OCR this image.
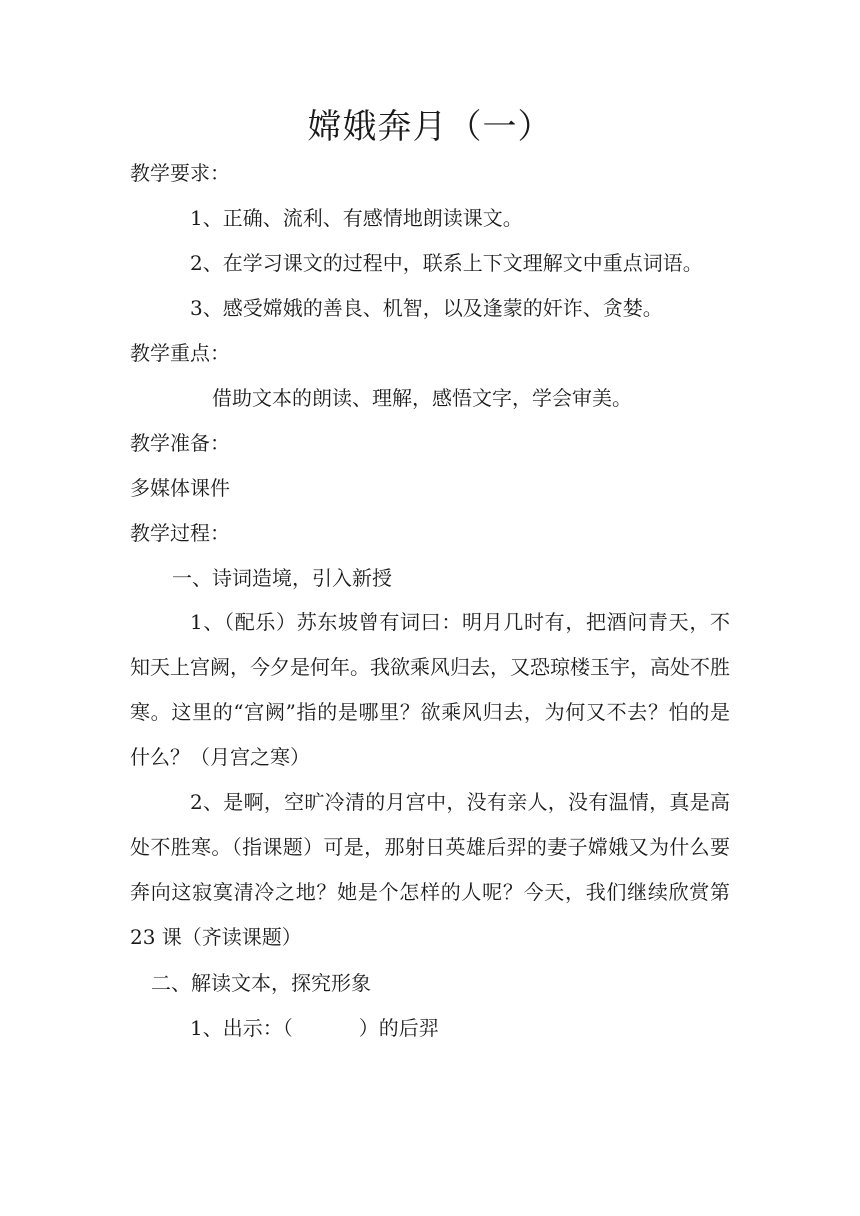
嫦娥奔月（一）
教学要求：
1、正确、流利、有感情地朗读课文。
2、在学习课文的过程中，联系上下文理解文中重点词语。
3、感受嫦娥的善良、机智，以及逢蒙的奸诈、贪婪。
教学重点：
借助文本的朗读、理解，感悟文字，学会审美。
教学准备：
多媒体课件
教学过程：
一、诗词造境，引入新授
1、（配乐）苏东坡曾有词曰：明月几时有，把酒问青天，不知天上宫阙，今夕是何年。我欲乘风归去，又恐琼楼玉宇，高处不胜寒。这里的“宫阙”指的是哪里？欲乘风归去，为何又不去？怕的是什么？（月宫之寒）
2、是啊，空旷冷清的月宫中，没有亲人，没有温情，真是高处不胜寒。（指课题）可是，那射日英雄后羿的妻子嫦娥又为什么要奔向这寂寞清冷之地？她是个怎样的人呢？今天，我们继续欣赏第 23 课（齐读课题）
二、解读文本，探究形象
1、出示：（	）的后羿
